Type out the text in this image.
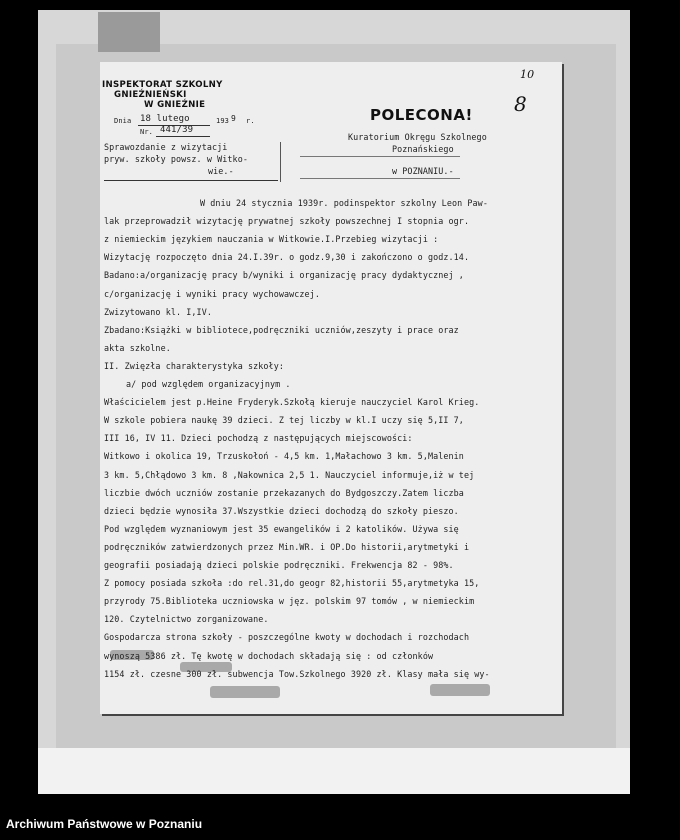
INSPEKTORAT SZKOLNY
GNIEŹNIEŃSKI
W GNIEŹNIE
Dnia 18 lutego	193 9 r.
Nr. 441/39
Sprawozdanie z wizytacji
pryw. szkoły powsz. w Witko-
wie.-
POLECONA!
Kuratorium Okręgu Szkolnego
Poznańskiego
w POZNANIU.-
W dniu 24 stycznia 1939r. podinspektor szkolny Leon Paw-
lak przeprowadził wizytację prywatnej szkoły powszechnej I stopnia ogr.
z niemieckim językiem nauczania w Witkowie.I.Przebieg wizytacji :
Wizytację rozpoczęto dnia 24.I.39r. o godz.9,30 i zakończono o godz.14.
Badano:a/organizację pracy b/wyniki i organizację pracy dydaktycznej ,
c/organizację i wyniki pracy wychowawczej.
Zwizytowano kl. I,IV.
Zbadano:Książki w bibliotece,podręczniki uczniów,zeszyty i prace oraz
akta szkolne.
II. Zwięzła charakterystyka szkoły:
a/ pod względem organizacyjnym .
Właścicielem jest p.Heine Fryderyk.Szkołą kieruje nauczyciel Karol Krieg.
W szkole pobiera naukę 39 dzieci. Z tej liczby w kl.I uczy się 5,II 7,
III 16, IV 11. Dzieci pochodzą z następujących miejscowości:
Witkowo i okolica 19, Trzuskołoń - 4,5 km. 1,Małachowo 3 km. 5,Malenin
3 km. 5,Chłądowo 3 km. 8 ,Nakownica 2,5 1. Nauczyciel informuje,iż w tej
liczbie dwóch uczniów zostanie przekazanych do Bydgoszczy.Zatem liczba
dzieci będzie wynosiła 37.Wszystkie dzieci dochodzą do szkoły pieszo.
Pod względem wyznaniowym jest 35 ewangelików i 2 katolików. Używa się
podręczników zatwierdzonych przez Min.WR. i OP.Do historii,arytmetyki i
geografii posiadają dzieci polskie podręczniki. Frekwencja 82 - 98%.
Z pomocy posiada szkoła :do rel.31,do geogr 82,historii 55,arytmetyka 15,
przyrody 75.Biblioteka uczniowska w jęz. polskim 97 tomów , w niemieckim
120. Czytelnictwo zorganizowane.
Gospodarcza strona szkoły - poszczególne kwoty w dochodach i rozchodach
wynoszą 5386 zł. Tę kwotę w dochodach składają się : od członków
1154 zł. czesne 300 zł. subwencja Tow.Szkolnego 3920 zł. Klasy mała się wy-
10
8
Archiwum Państwowe w Poznaniu
